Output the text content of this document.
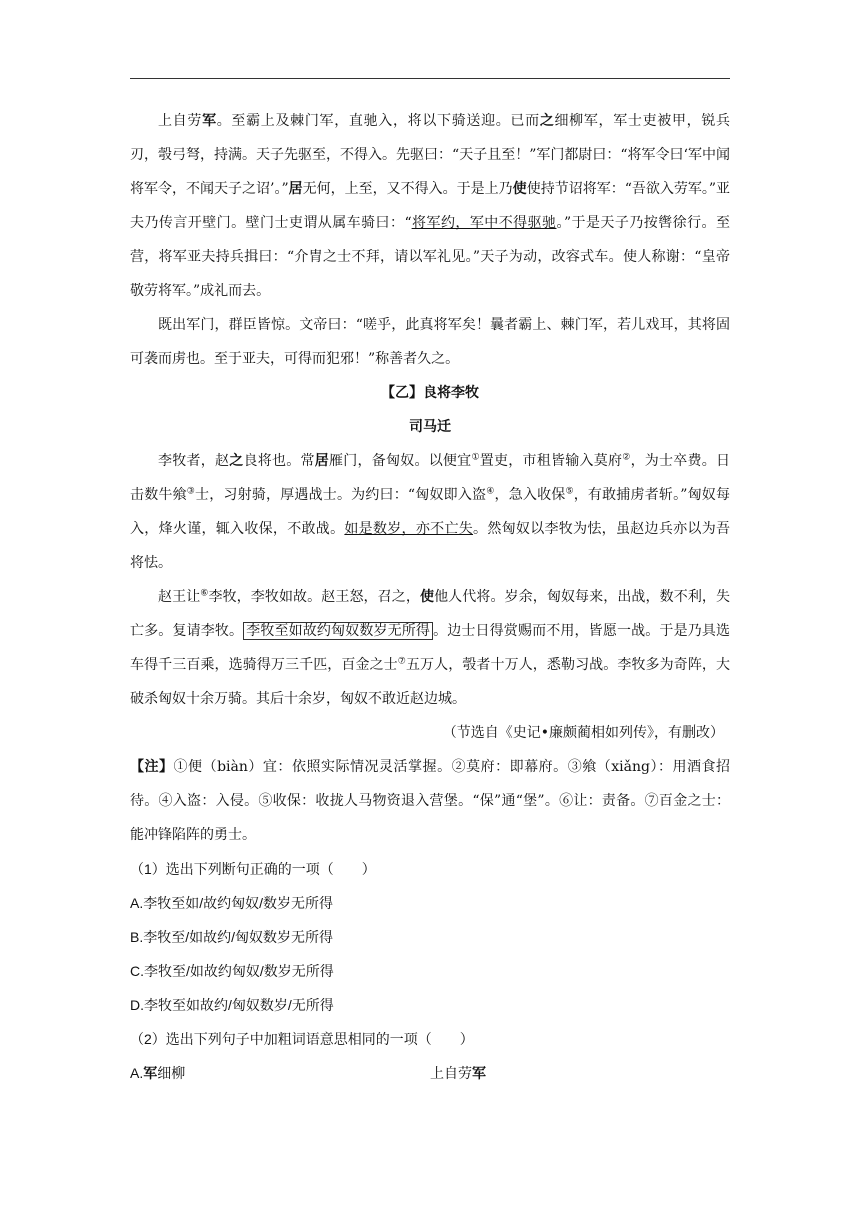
上自劳军。至霸上及棘门军，直驰入，将以下骑送迎。已而之细柳军，军士吏被甲，锐兵刃，彀弓弩，持满。天子先驱至，不得入。先驱曰：“天子且至！”军门都尉曰：“将军令曰‘军中闻将军令，不闻天子之诏’。”居无何，上至，又不得入。于是上乃使使持节诏将军：“吾欲入劳军。”亚夫乃传言开壁门。壁门士吏谓从属车骑曰：“将军约，军中不得驱驰。”于是天子乃按辔徐行。至营，将军亚夫持兵揖曰：“介胄之士不拜，请以军礼见。”天子为动，改容式车。使人称谢：“皇帝敬劳将军。”成礼而去。
既出军门，群臣皆惊。文帝曰：“嗟乎，此真将军矣！曩者霸上、棘门军，若儿戏耳，其将固可袭而虏也。至于亚夫，可得而犯邪！”称善者久之。
【乙】良将李牧
司马迁
李牧者，赵之良将也。常居雁门，备匈奴。以便宜①置吏，市租皆输入莫府②，为士卒费。日击数牛飨③士，习射骑，厚遇战士。为约曰：“匈奴即入盗④，急入收保⑤，有敢捕虏者斩。”匈奴每入，烽火谨，辄入收保，不敢战。如是数岁，亦不亡失。然匈奴以李牧为怯，虽赵边兵亦以为吾将怯。
赵王让⑥李牧，李牧如故。赵王怒，召之，使他人代将。岁余，匈奴每来，出战，数不利，失亡多。复请李牧。 李牧至如故约匈奴数岁无所得 。边士日得赏赐而不用，皆愿一战。于是乃具选车得千三百乘，选骑得万三千匹，百金之士⑦五万人，彀者十万人，悉勒习战。李牧多为奇阵，大破杀匈奴十余万骑。其后十余岁，匈奴不敢近赵边城。
（节选自《史记•廉颇蔺相如列传》，有删改）
【注】①便（biàn）宜：依照实际情况灵活掌握。②莫府：即幕府。③飨（xiǎng）：用酒食招待。④入盗：入侵。⑤收保：收拢人马物资退入营堡。“保”通“堡”。⑥让：责备。⑦百金之士：能冲锋陷阵的勇士。
（1）选出下列断句正确的一项（　　）
A.李牧至如/故约匈奴/数岁无所得
B.李牧至/如故约/匈奴数岁无所得
C.李牧至/如故约匈奴/数岁无所得
D.李牧至如故约/匈奴数岁/无所得
（2）选出下列句子中加粗词语意思相同的一项（　　）
A.军细柳	上自劳军
